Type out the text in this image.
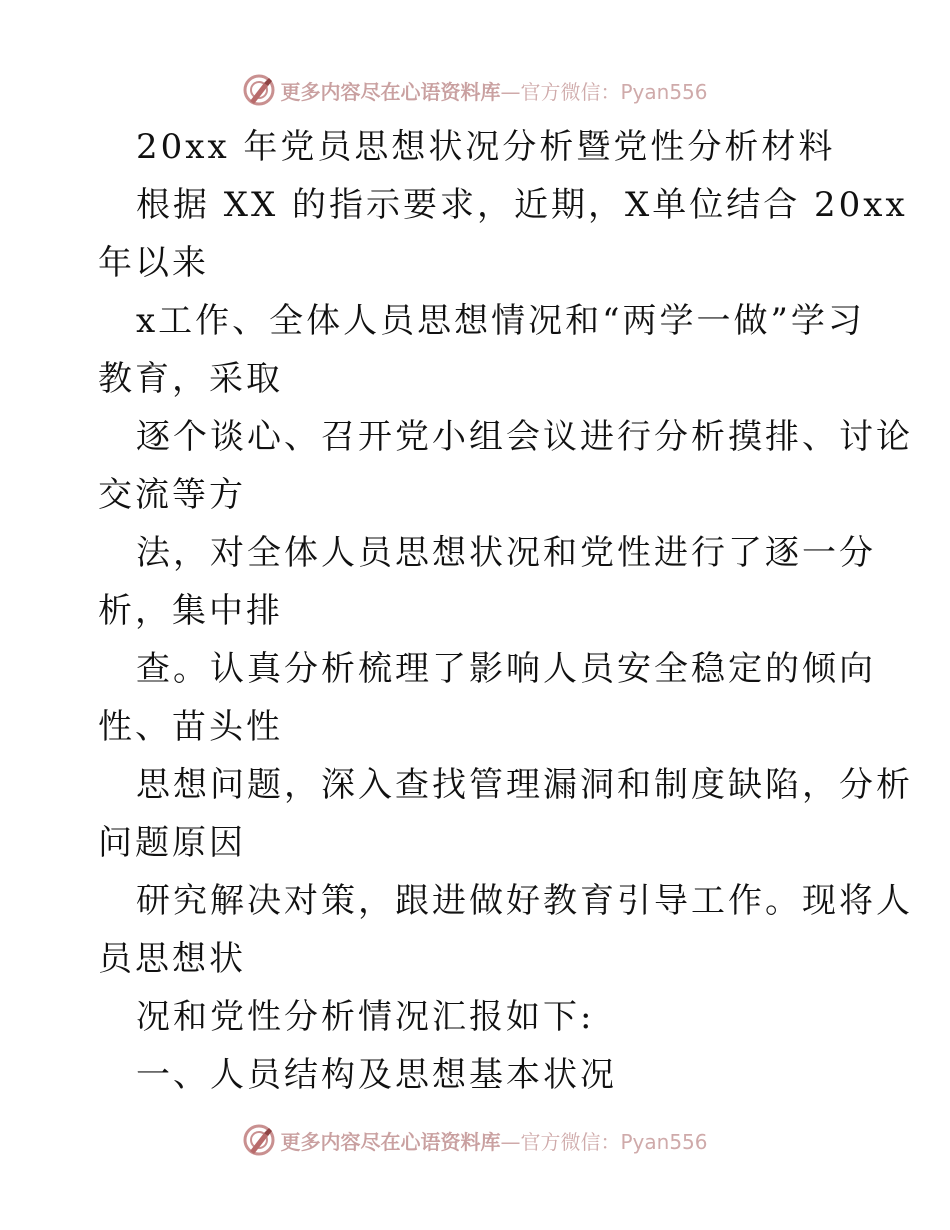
更多内容尽在心语资料库—官方微信：Pyan556
20xx 年党员思想状况分析暨党性分析材料
根据 XX 的指示要求，近期，X单位结合 20xx
年以来
x工作、全体人员思想情况和“两学一做”学习
教育，采取
逐个谈心、召开党小组会议进行分析摸排、讨论
交流等方
法，对全体人员思想状况和党性进行了逐一分
析，集中排
查。认真分析梳理了影响人员安全稳定的倾向
性、苗头性
思想问题，深入查找管理漏洞和制度缺陷，分析
问题原因
研究解决对策，跟进做好教育引导工作。现将人
员思想状
况和党性分析情况汇报如下:
一、人员结构及思想基本状况
更多内容尽在心语资料库—官方微信：Pyan556
